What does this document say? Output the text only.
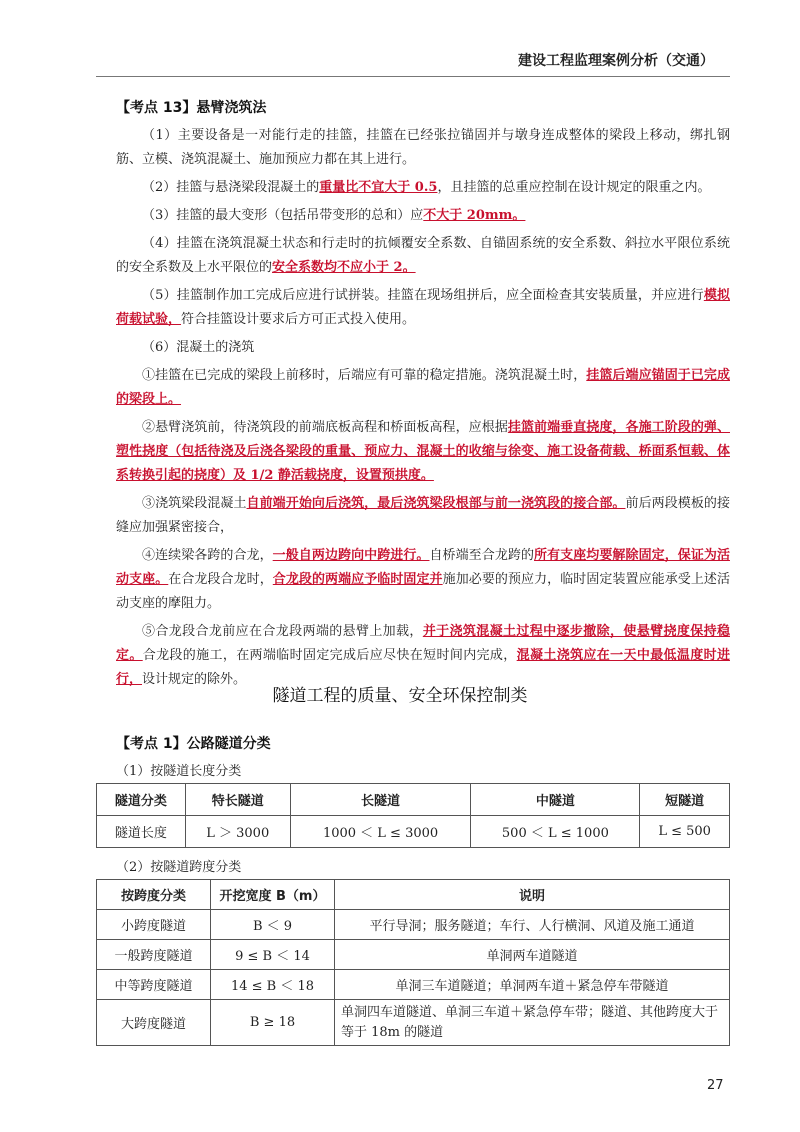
建设工程监理案例分析（交通）
【考点 13】悬臂浇筑法

（1）主要设备是一对能行走的挂篮，挂篮在已经张拉锚固并与墩身连成整体的梁段上移动，绑扎钢筋、立模、浇筑混凝土、施加预应力都在其上进行。

（2）挂篮与悬浇梁段混凝土的重量比不宜大于 0.5，且挂篮的总重应控制在设计规定的限重之内。

（3）挂篮的最大变形（包括吊带变形的总和）应不大于 20mm。

（4）挂篮在浇筑混凝土状态和行走时的抗倾覆安全系数、自锚固系统的安全系数、斜拉水平限位系统的安全系数及上水平限位的安全系数均不应小于 2。

（5）挂篮制作加工完成后应进行试拼装。挂篮在现场组拼后，应全面检查其安装质量，并应进行模拟荷载试验，符合挂篮设计要求后方可正式投入使用。

（6）混凝土的浇筑

①挂篮在已完成的梁段上前移时，后端应有可靠的稳定措施。浇筑混凝土时，挂篮后端应锚固于已完成的梁段上。

②悬臂浇筑前，待浇筑段的前端底板高程和桥面板高程，应根据挂篮前端垂直挠度，各施工阶段的弹、塑性挠度（包括待浇及后浇各梁段的重量、预应力、混凝土的收缩与徐变、施工设备荷载、桥面系恒载、体系转换引起的挠度）及 1/2 静活载挠度，设置预拱度。

③浇筑梁段混凝土自前端开始向后浇筑，最后浇筑梁段根部与前一浇筑段的接合部。前后两段模板的接缝应加强紧密接合，

④连续梁各跨的合龙，一般自两边跨向中跨进行。自桥端至合龙跨的所有支座均要解除固定，保证为活动支座。在合龙段合龙时，合龙段的两端应予临时固定并施加必要的预应力，临时固定装置应能承受上述活动支座的摩阻力。

⑤合龙段合龙前应在合龙段两端的悬臂上加载，并于浇筑混凝土过程中逐步撤除，使悬臂挠度保持稳定。合龙段的施工，在两端临时固定完成后应尽快在短时间内完成，混凝土浇筑应在一天中最低温度时进行，设计规定的除外。

隧道工程的质量、安全环保控制类
【考点 1】公路隧道分类
（1）按隧道长度分类
隧道分类	特长隧道	长隧道	中隧道	短隧道
隧道长度	L ＞ 3000	1000 ＜ L ≤ 3000	500 ＜ L ≤ 1000	L ≤ 500
（2）按隧道跨度分类
按跨度分类	开挖宽度 B（m）	说明
小跨度隧道	B ＜ 9	平行导洞；服务隧道；车行、人行横洞、风道及施工通道
一般跨度隧道	9 ≤ B ＜ 14	单洞两车道隧道
中等跨度隧道	14 ≤ B ＜ 18	单洞三车道隧道；单洞两车道＋紧急停车带隧道
大跨度隧道	B ≥ 18	单洞四车道隧道、单洞三车道＋紧急停车带；隧道、其他跨度大于等于 18m 的隧道
27
